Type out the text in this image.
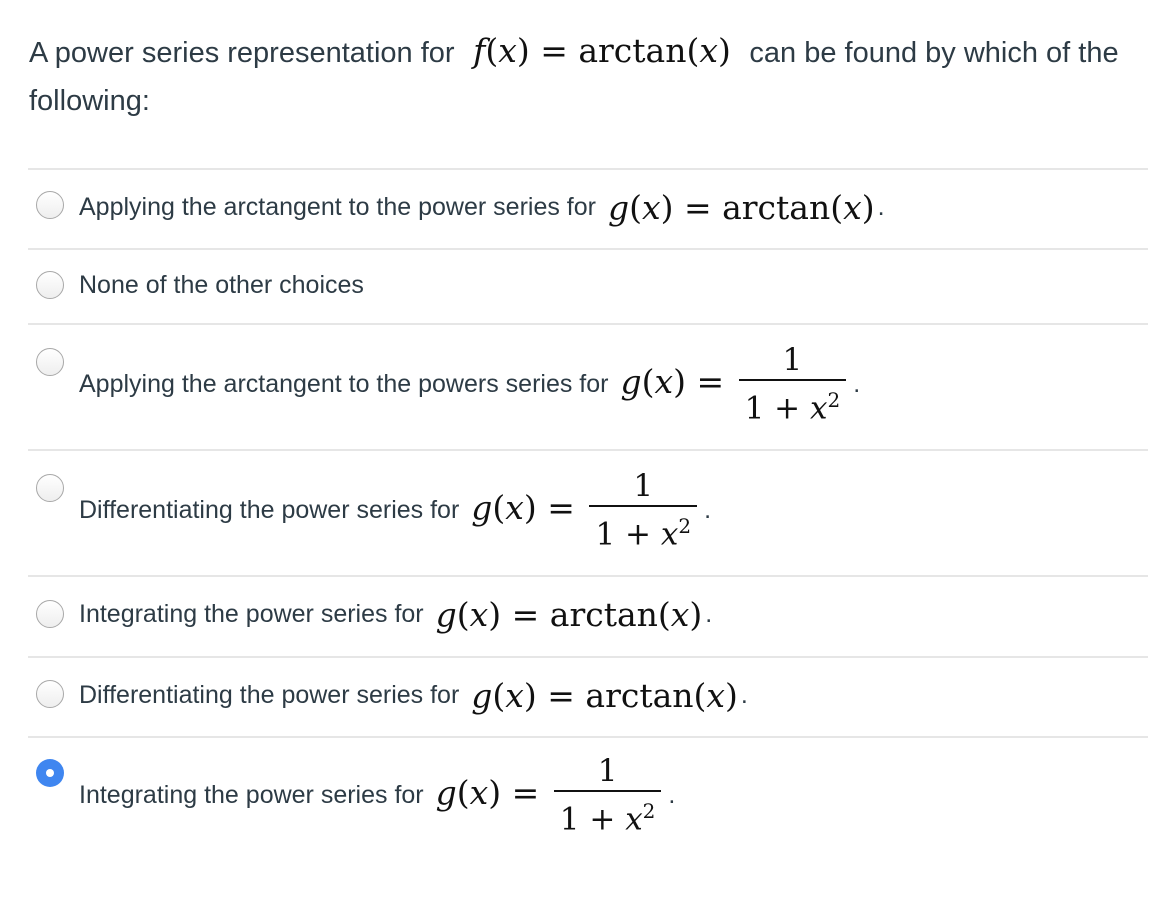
A power series representation for f(x) = arctan(x)  can be found by which of the following:
Applying the arctangent to the power series for g(x) = arctan(x) .
None of the other choices
Applying the arctangent to the powers series for $g(x) = \frac{1}{1 + x^2}$ .
Differentiating the power series for $g(x) = \frac{1}{1 + x^2}$ .
Integrating the power series for g(x) = arctan(x) .
Differentiating the power series for g(x) = arctan(x) .
Integrating the power series for $g(x) = \frac{1}{1 + x^2}$ .
